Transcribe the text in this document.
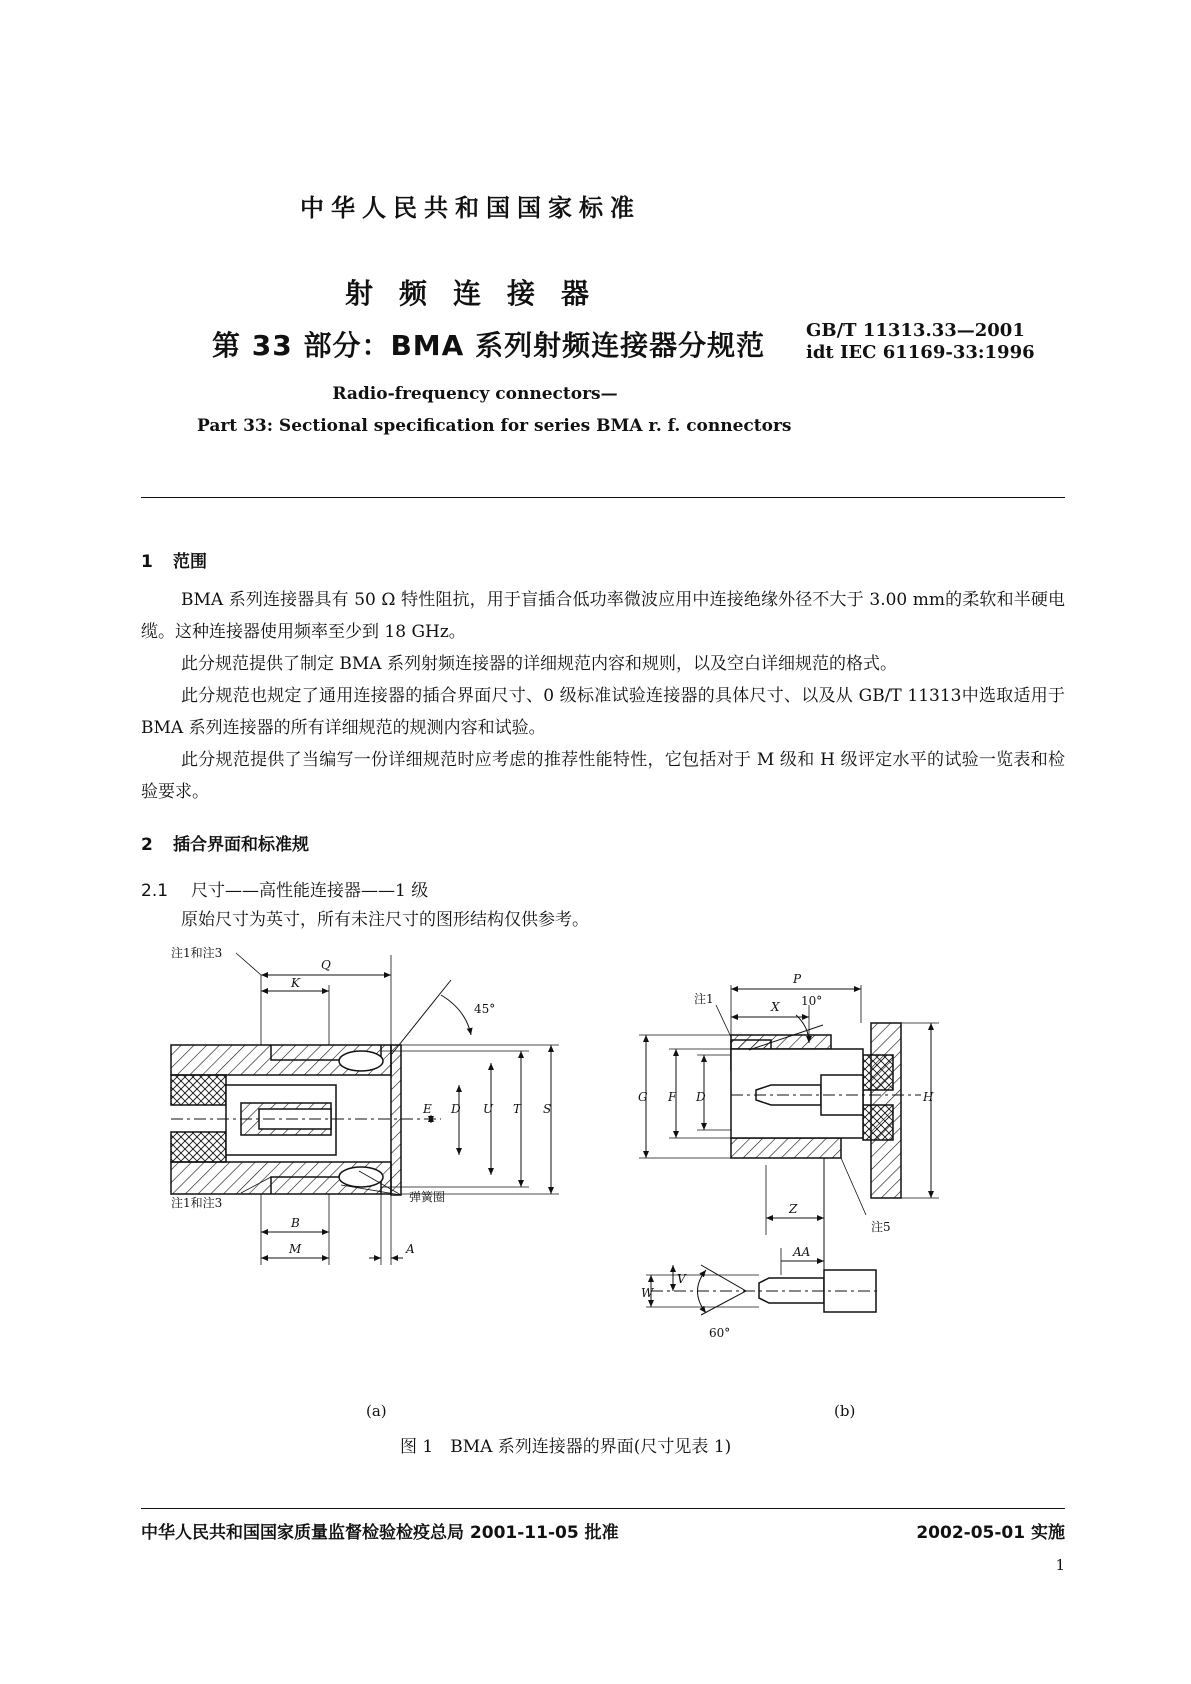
中华人民共和国国家标准
射频连接器
第 33 部分：BMA 系列射频连接器分规范 GB/T 11313.33—2001
idt IEC 61169-33:1996
Radio-frequency connectors—
Part 33: Sectional specification for series BMA r. f. connectors
1 范围
BMA 系列连接器具有 50 Ω 特性阻抗，用于盲插合低功率微波应用中连接绝缘外径不大于 3.00 mm的柔软和半硬电缆。这种连接器使用频率至少到 18 GHz。
此分规范提供了制定 BMA 系列射频连接器的详细规范内容和规则，以及空白详细规范的格式。
此分规范也规定了通用连接器的插合界面尺寸、0 级标准试验连接器的具体尺寸、以及从 GB/T 11313中选取适用于BMA 系列连接器的所有详细规范的规测内容和试验。
此分规范提供了当编写一份详细规范时应考虑的推荐性能特性，它包括对于 M 级和 H 级评定水平的试验一览表和检验要求。
2 插合界面和标准规
2.1 尺寸——高性能连接器——1 级
原始尺寸为英寸，所有未注尺寸的图形结构仅供参考。
注1和注3
Q
K
45°
E D U T S
弹簧圈
注1和注3
B
M	A
P
X
注1	10°
G F D	H
Z
注5
AA
V
W
60°
(a)	(b)
图 1　BMA 系列连接器的界面(尺寸见表 1)
中华人民共和国国家质量监督检验检疫总局 2001-11-05 批准	2002-05-01 实施
1
